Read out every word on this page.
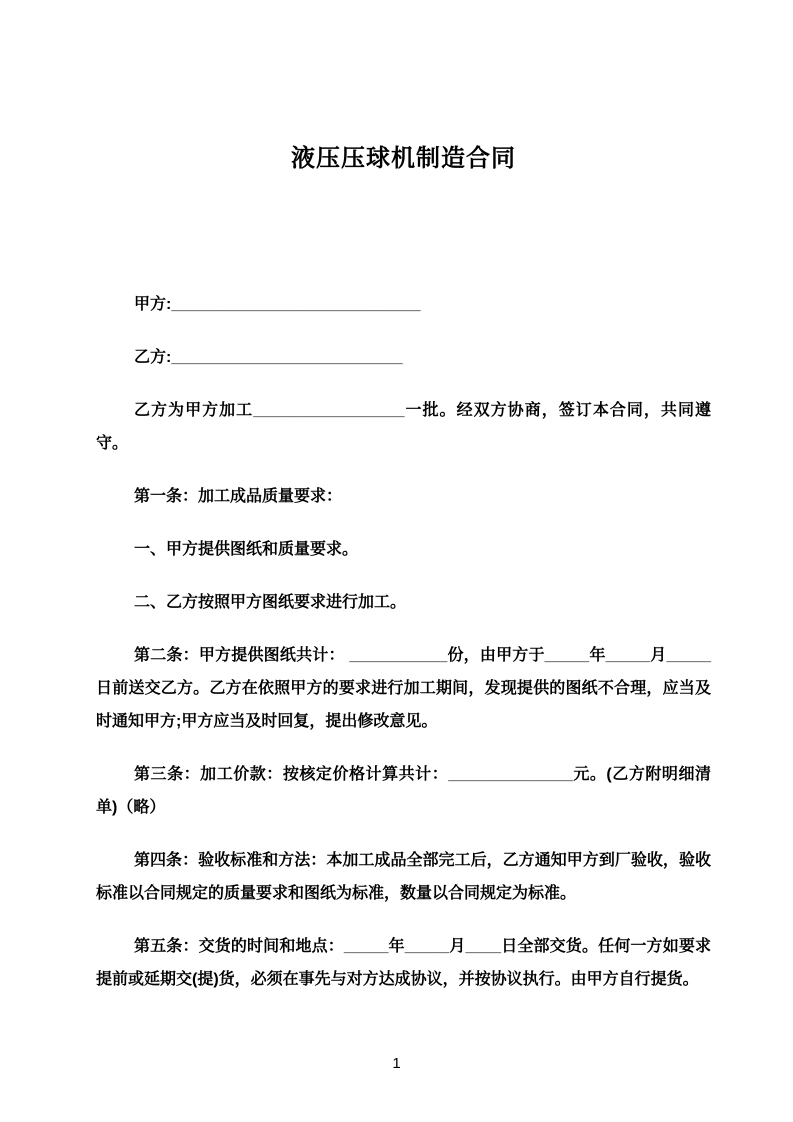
液压压球机制造合同

甲方:____________________________

乙方:__________________________

乙方为甲方加工_________________一批。经双方协商，签订本合同，共同遵守。

第一条：加工成品质量要求：

一、甲方提供图纸和质量要求。

二、乙方按照甲方图纸要求进行加工。

第二条：甲方提供图纸共计： ___________份，由甲方于_____年_____月_____日前送交乙方。乙方在依照甲方的要求进行加工期间，发现提供的图纸不合理，应当及时通知甲方;甲方应当及时回复，提出修改意见。

第三条：加工价款：按核定价格计算共计：______________元。(乙方附明细清单)（略）

第四条：验收标准和方法：本加工成品全部完工后，乙方通知甲方到厂验收，验收标准以合同规定的质量要求和图纸为标准，数量以合同规定为标准。

第五条：交货的时间和地点：_____年_____月____日全部交货。任何一方如要求提前或延期交(提)货，必须在事先与对方达成协议，并按协议执行。由甲方自行提货。

1
